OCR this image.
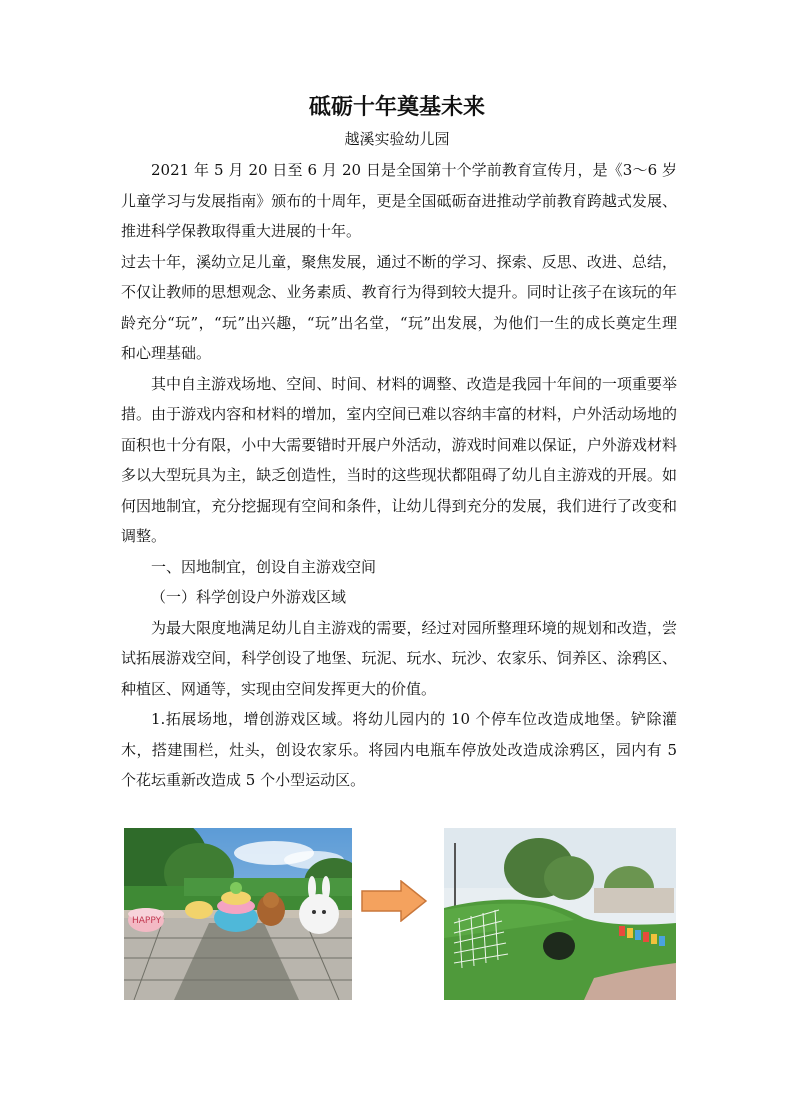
砥砺十年奠基未来
越溪实验幼儿园

2021 年 5 月 20 日至 6 月 20 日是全国第十个学前教育宣传月，是《3～6 岁儿童学习与发展指南》颁布的十周年，更是全国砥砺奋进推动学前教育跨越式发展、推进科学保教取得重大进展的十年。

过去十年，溪幼立足儿童，聚焦发展，通过不断的学习、探索、反思、改进、总结，不仅让教师的思想观念、业务素质、教育行为得到较大提升。同时让孩子在该玩的年龄充分“玩”，“玩”出兴趣，“玩”出名堂，“玩”出发展，为他们一生的成长奠定生理和心理基础。

其中自主游戏场地、空间、时间、材料的调整、改造是我园十年间的一项重要举措。由于游戏内容和材料的增加，室内空间已难以容纳丰富的材料，户外活动场地的面积也十分有限，小中大需要错时开展户外活动，游戏时间难以保证，户外游戏材料多以大型玩具为主，缺乏创造性，当时的这些现状都阻碍了幼儿自主游戏的开展。如何因地制宜，充分挖掘现有空间和条件，让幼儿得到充分的发展，我们进行了改变和调整。

一、因地制宜，创设自主游戏空间

（一）科学创设户外游戏区域

为最大限度地满足幼儿自主游戏的需要，经过对园所整理环境的规划和改造，尝试拓展游戏空间，科学创设了地堡、玩泥、玩水、玩沙、农家乐、饲养区、涂鸦区、种植区、网通等，实现由空间发挥更大的价值。

1.拓展场地，增创游戏区域。将幼儿园内的 10 个停车位改造成地堡。铲除灌木，搭建围栏，灶头，创设农家乐。将园内电瓶车停放处改造成涂鸦区，园内有 5 个花坛重新改造成 5 个小型运动区。

HAPPY
